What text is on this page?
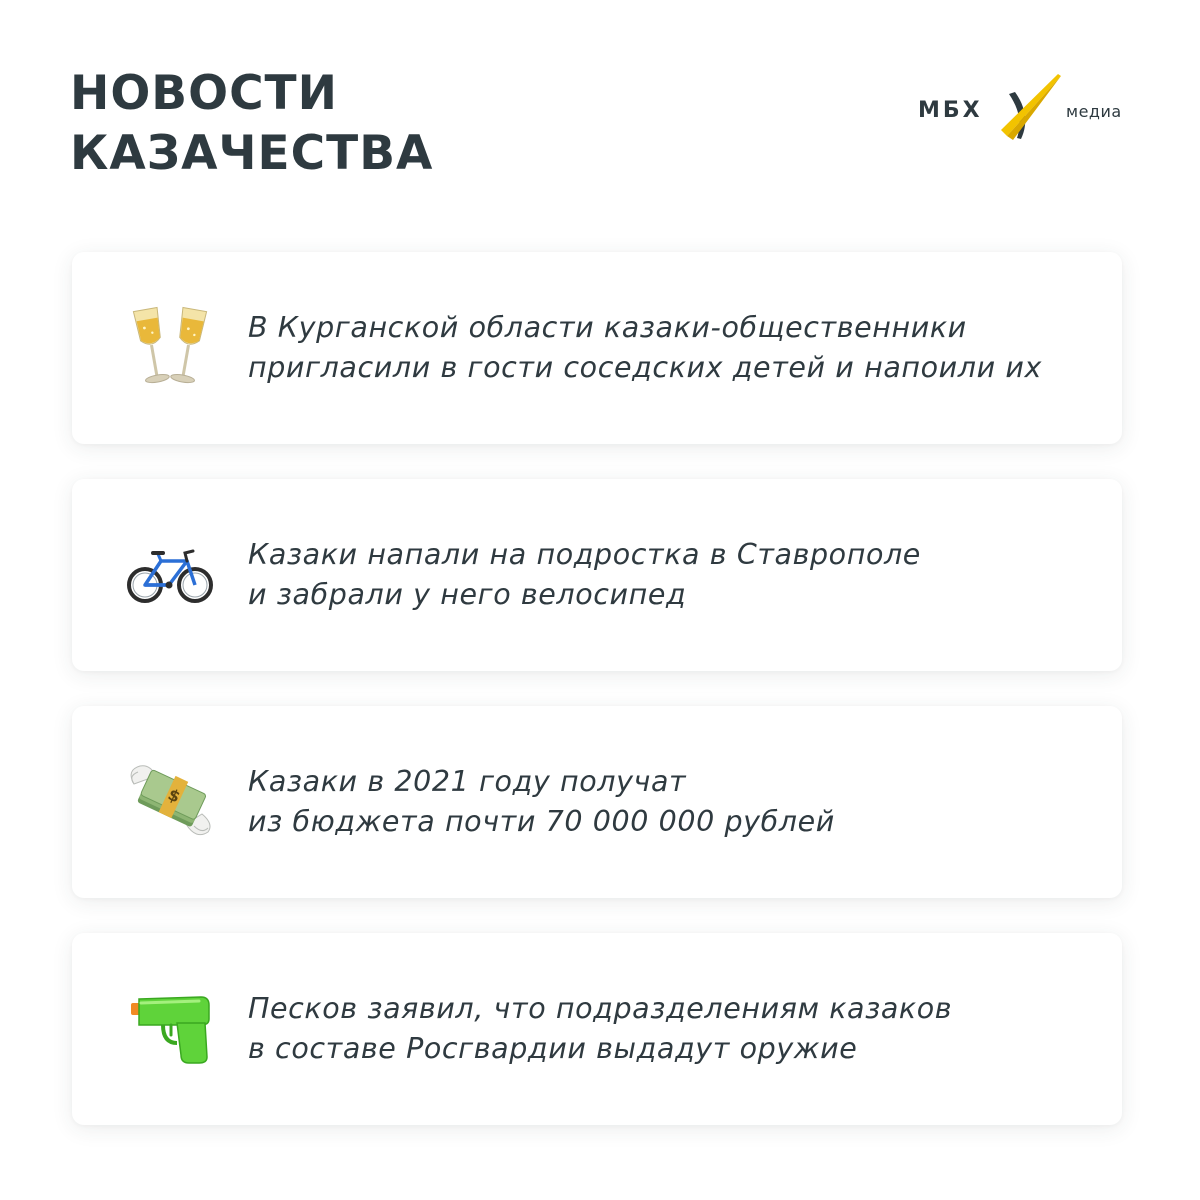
НОВОСТИ
КАЗАЧЕСТВА
МБХ	медиа
В Курганской области казаки-общественники
пригласили в гости соседских детей и напоили их
Казаки напали на подростка в Ставрополе
и забрали у него велосипед
$ Казаки в 2021 году получат
из бюджета почти 70 000 000 рублей
Песков заявил, что подразделениям казаков
в составе Росгвардии выдадут оружие
